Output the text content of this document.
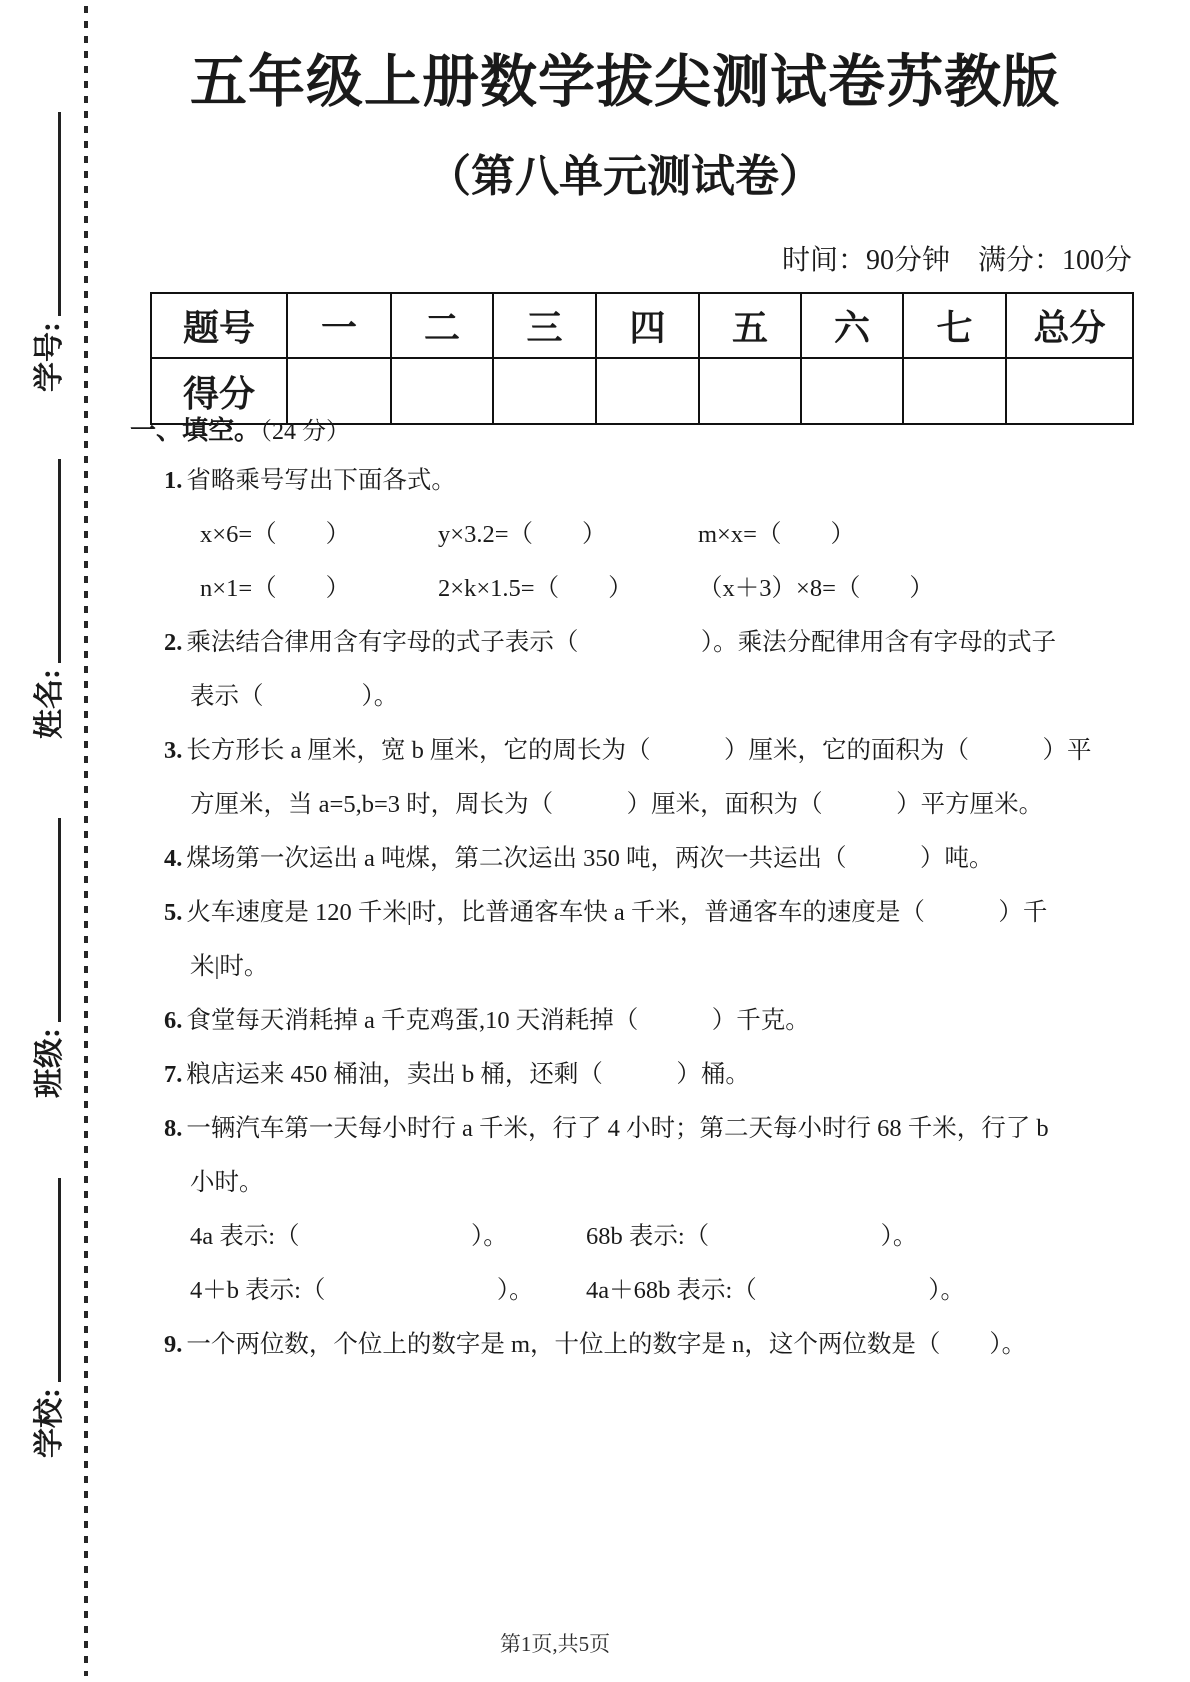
学号:
姓名:
班级:
学校:
五年级上册数学拔尖测试卷苏教版
（第八单元测试卷）
时间：90分钟　满分：100分
题号	一	二	三	四	五	六	七	总分
得分								
一、填空。（24 分）
1. 省略乘号写出下面各式。
x×6=（　　）	y×3.2=（　　）	m×x=（　　）
n×1=（　　）	2×k×1.5=（　　）	（x＋3）×8=（　　）
2. 乘法结合律用含有字母的式子表示（　　　　　）。乘法分配律用含有字母的式子
表示（　　　　）。
3. 长方形长 a 厘米，宽 b 厘米，它的周长为（　　　）厘米，它的面积为（　　　）平
方厘米，当 a=5,b=3 时，周长为（　　　）厘米，面积为（　　　）平方厘米。
4. 煤场第一次运出 a 吨煤，第二次运出 350 吨，两次一共运出（　　　）吨。
5. 火车速度是 120 千米|时，比普通客车快 a 千米，普通客车的速度是（　　　）千
米|时。
6. 食堂每天消耗掉 a 千克鸡蛋,10 天消耗掉（　　　）千克。
7. 粮店运来 450 桶油，卖出 b 桶，还剩（　　　）桶。
8. 一辆汽车第一天每小时行 a 千米，行了 4 小时；第二天每小时行 68 千米，行了 b
小时。
4a 表示:（　　　　　　　）。	68b 表示:（　　　　　　　）。
4＋b 表示:（　　　　　　　）。 4a＋68b 表示:（　　　　　　　）。
9. 一个两位数，个位上的数字是 m，十位上的数字是 n，这个两位数是（　　）。
第1页,共5页
